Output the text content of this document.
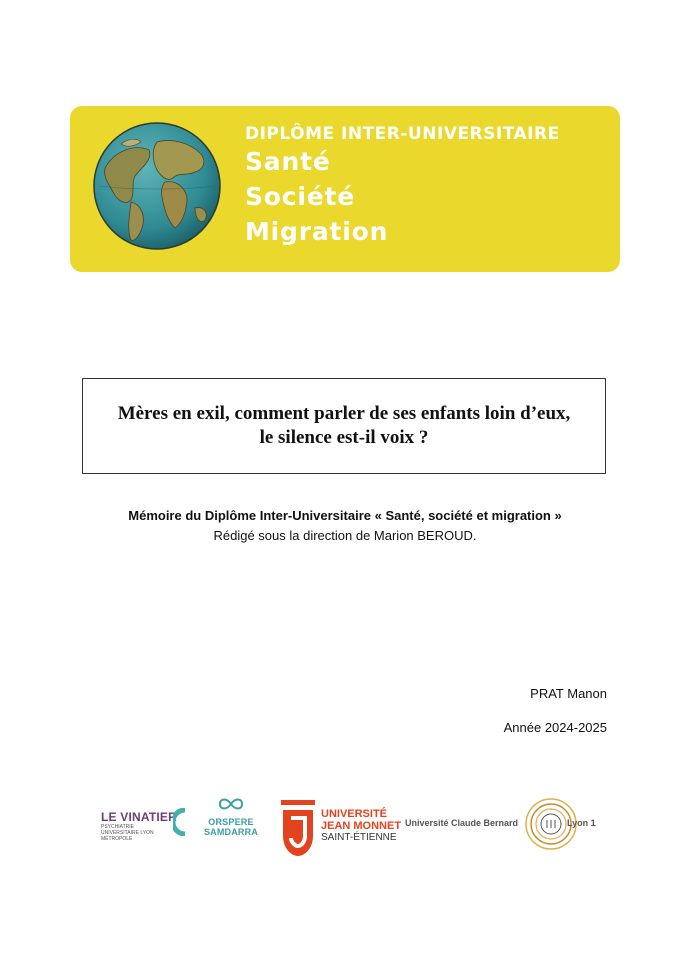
DIPLÔME INTER-UNIVERSITAIRE
Santé
Société
Migration
Mères en exil, comment parler de ses enfants loin d’eux,
le silence est-il voix ?
Mémoire du Diplôme Inter-Universitaire « Santé, société et migration »
Rédigé sous la direction de Marion BEROUD.
PRAT Manon
Année 2024-2025
LE VINATIER
PSYCHIATRIE UNIVERSITAIRE LYON MÉTROPOLE
ORSPERE SAMDARRA
UNIVERSITÉ
JEAN MONNET
SAINT-ÉTIENNE
Université Claude Bernard	Lyon 1
